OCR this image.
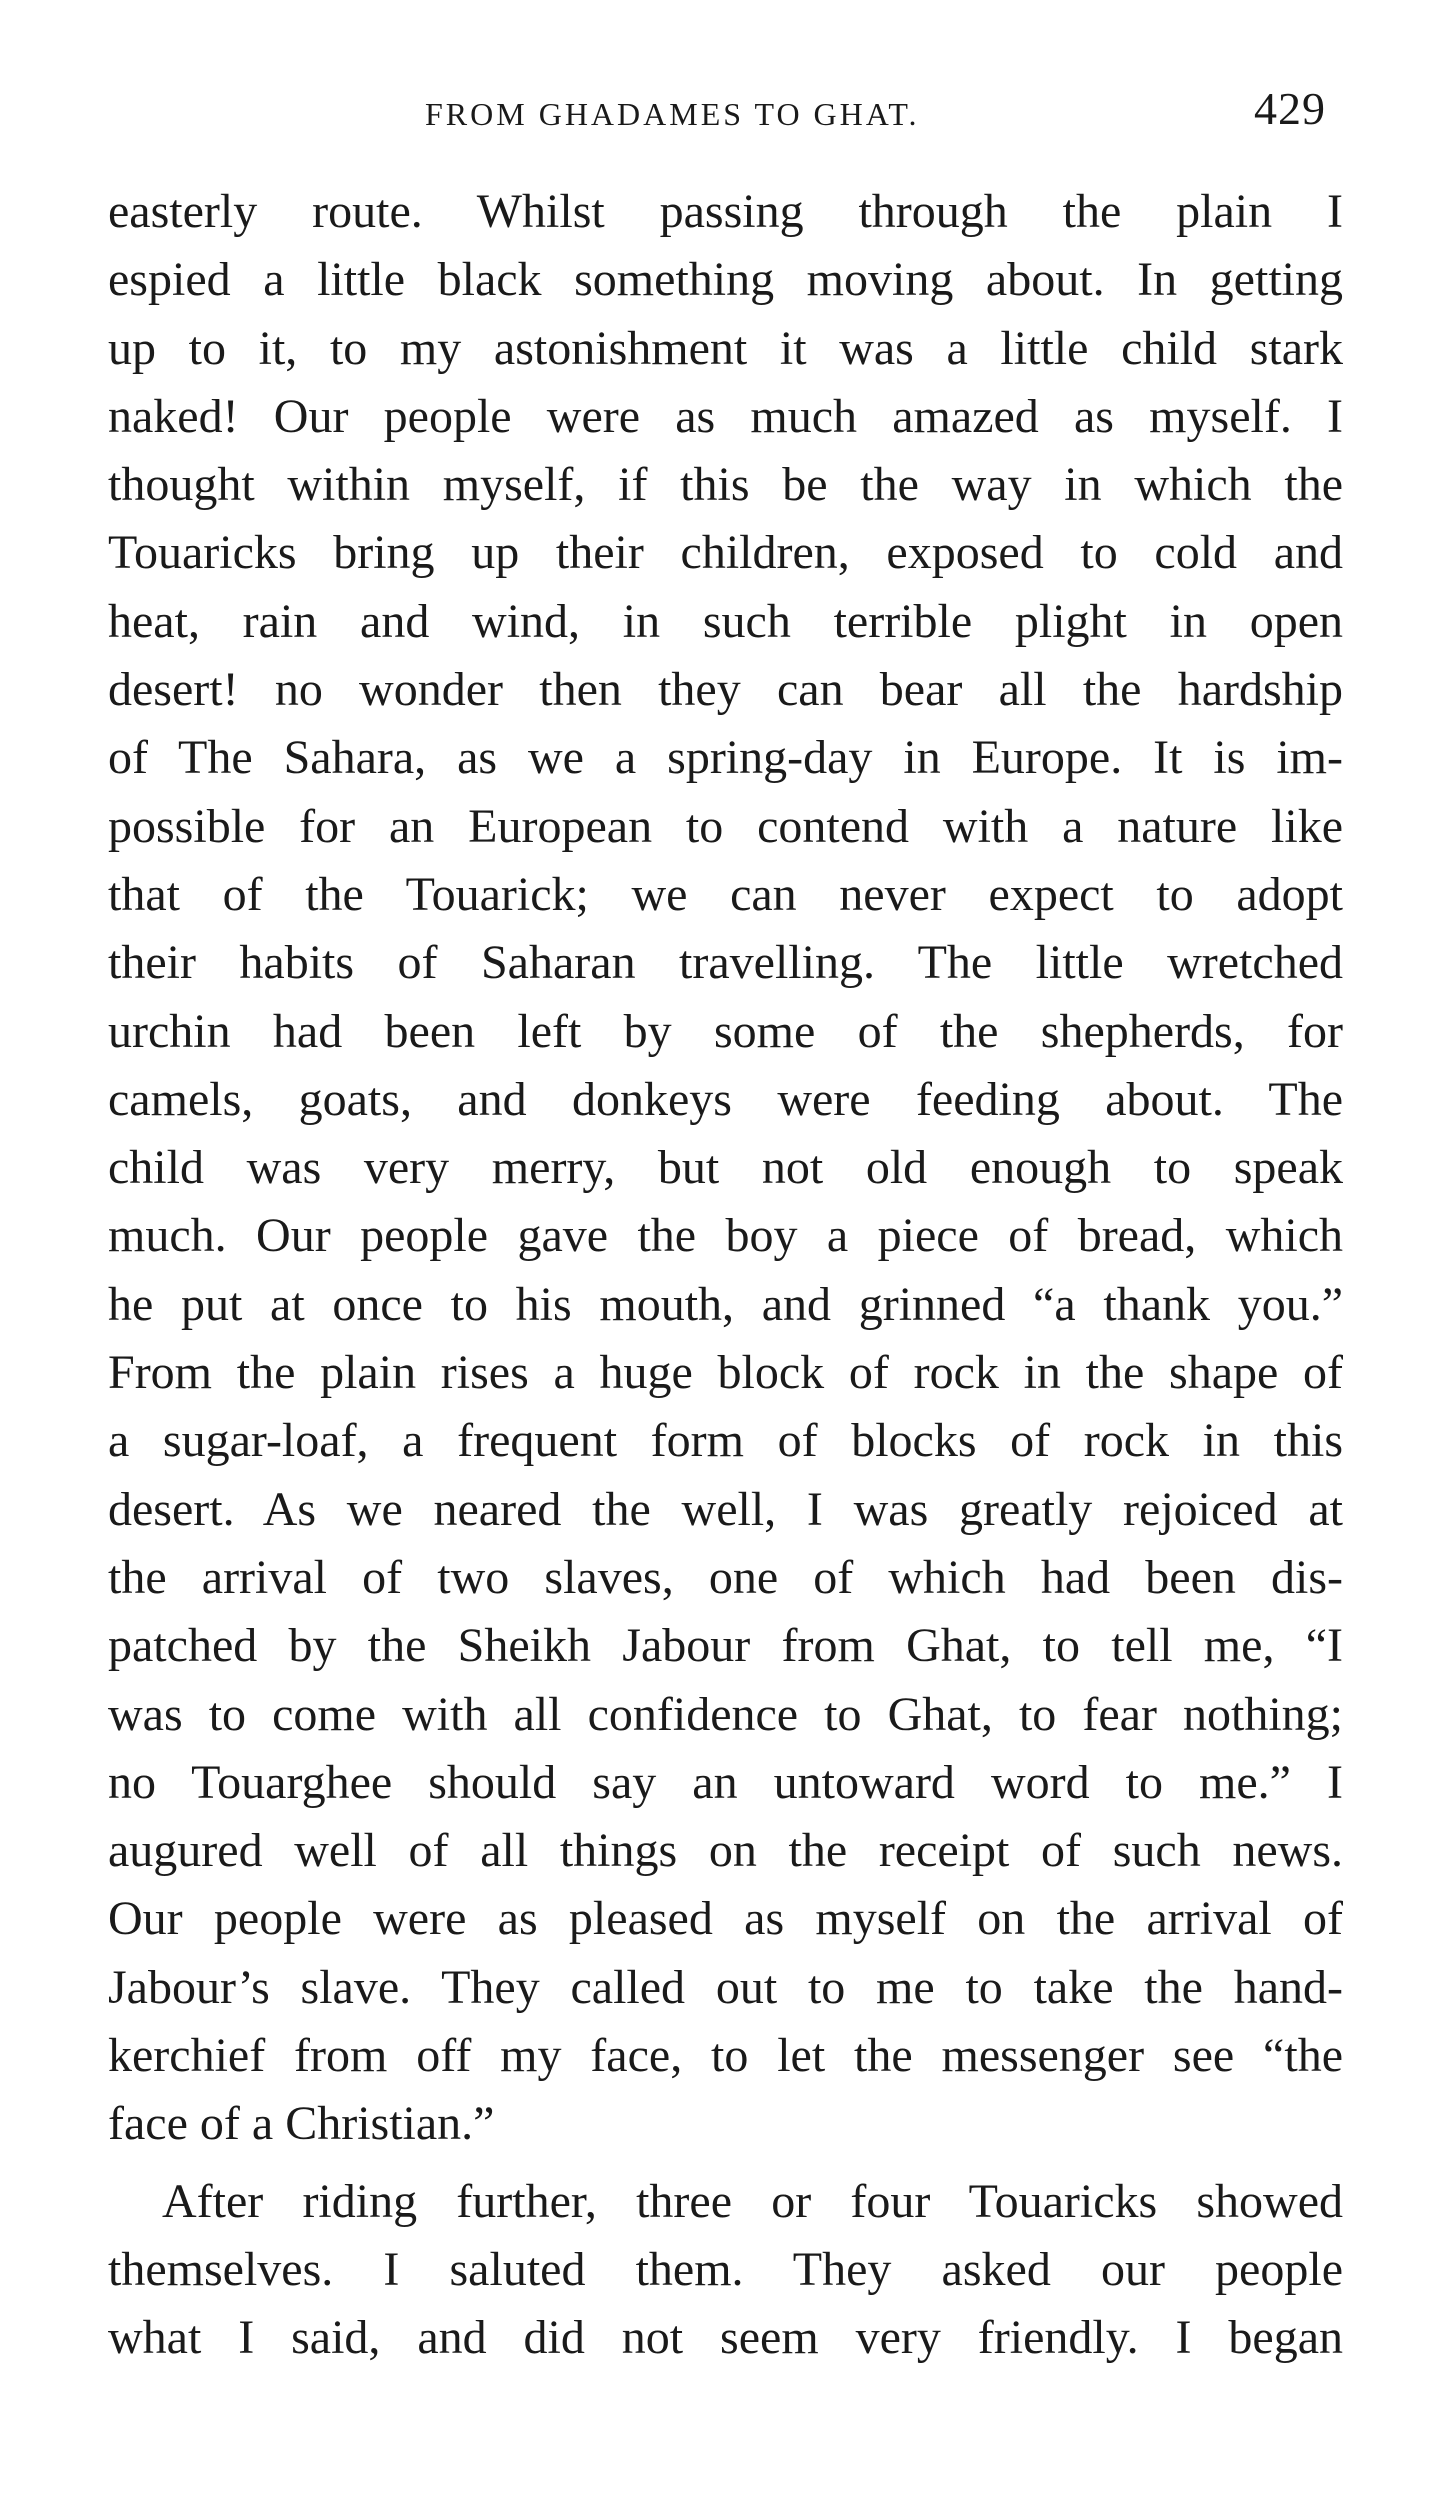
FROM GHADAMES TO GHAT.	429
easterly route. Whilst passing through the plain I
espied a little black something moving about. In getting
up to it, to my astonishment it was a little child stark
naked! Our people were as much amazed as myself. I
thought within myself, if this be the way in which the
Touaricks bring up their children, exposed to cold and
heat, rain and wind, in such terrible plight in open
desert! no wonder then they can bear all the hardship
of The Sahara, as we a spring-day in Europe. It is im-
possible for an European to contend with a nature like
that of the Touarick; we can never expect to adopt
their habits of Saharan travelling. The little wretched
urchin had been left by some of the shepherds, for
camels, goats, and donkeys were feeding about. The
child was very merry, but not old enough to speak
much. Our people gave the boy a piece of bread, which
he put at once to his mouth, and grinned “a thank you.”
From the plain rises a huge block of rock in the shape of
a sugar-loaf, a frequent form of blocks of rock in this
desert. As we neared the well, I was greatly rejoiced at
the arrival of two slaves, one of which had been dis-
patched by the Sheikh Jabour from Ghat, to tell me, “I
was to come with all confidence to Ghat, to fear nothing;
no Touarghee should say an untoward word to me.” I
augured well of all things on the receipt of such news.
Our people were as pleased as myself on the arrival of
Jabour’s slave. They called out to me to take the hand-
kerchief from off my face, to let the messenger see “the
face of a Christian.”
After riding further, three or four Touaricks showed
themselves. I saluted them. They asked our people
what I said, and did not seem very friendly. I began
